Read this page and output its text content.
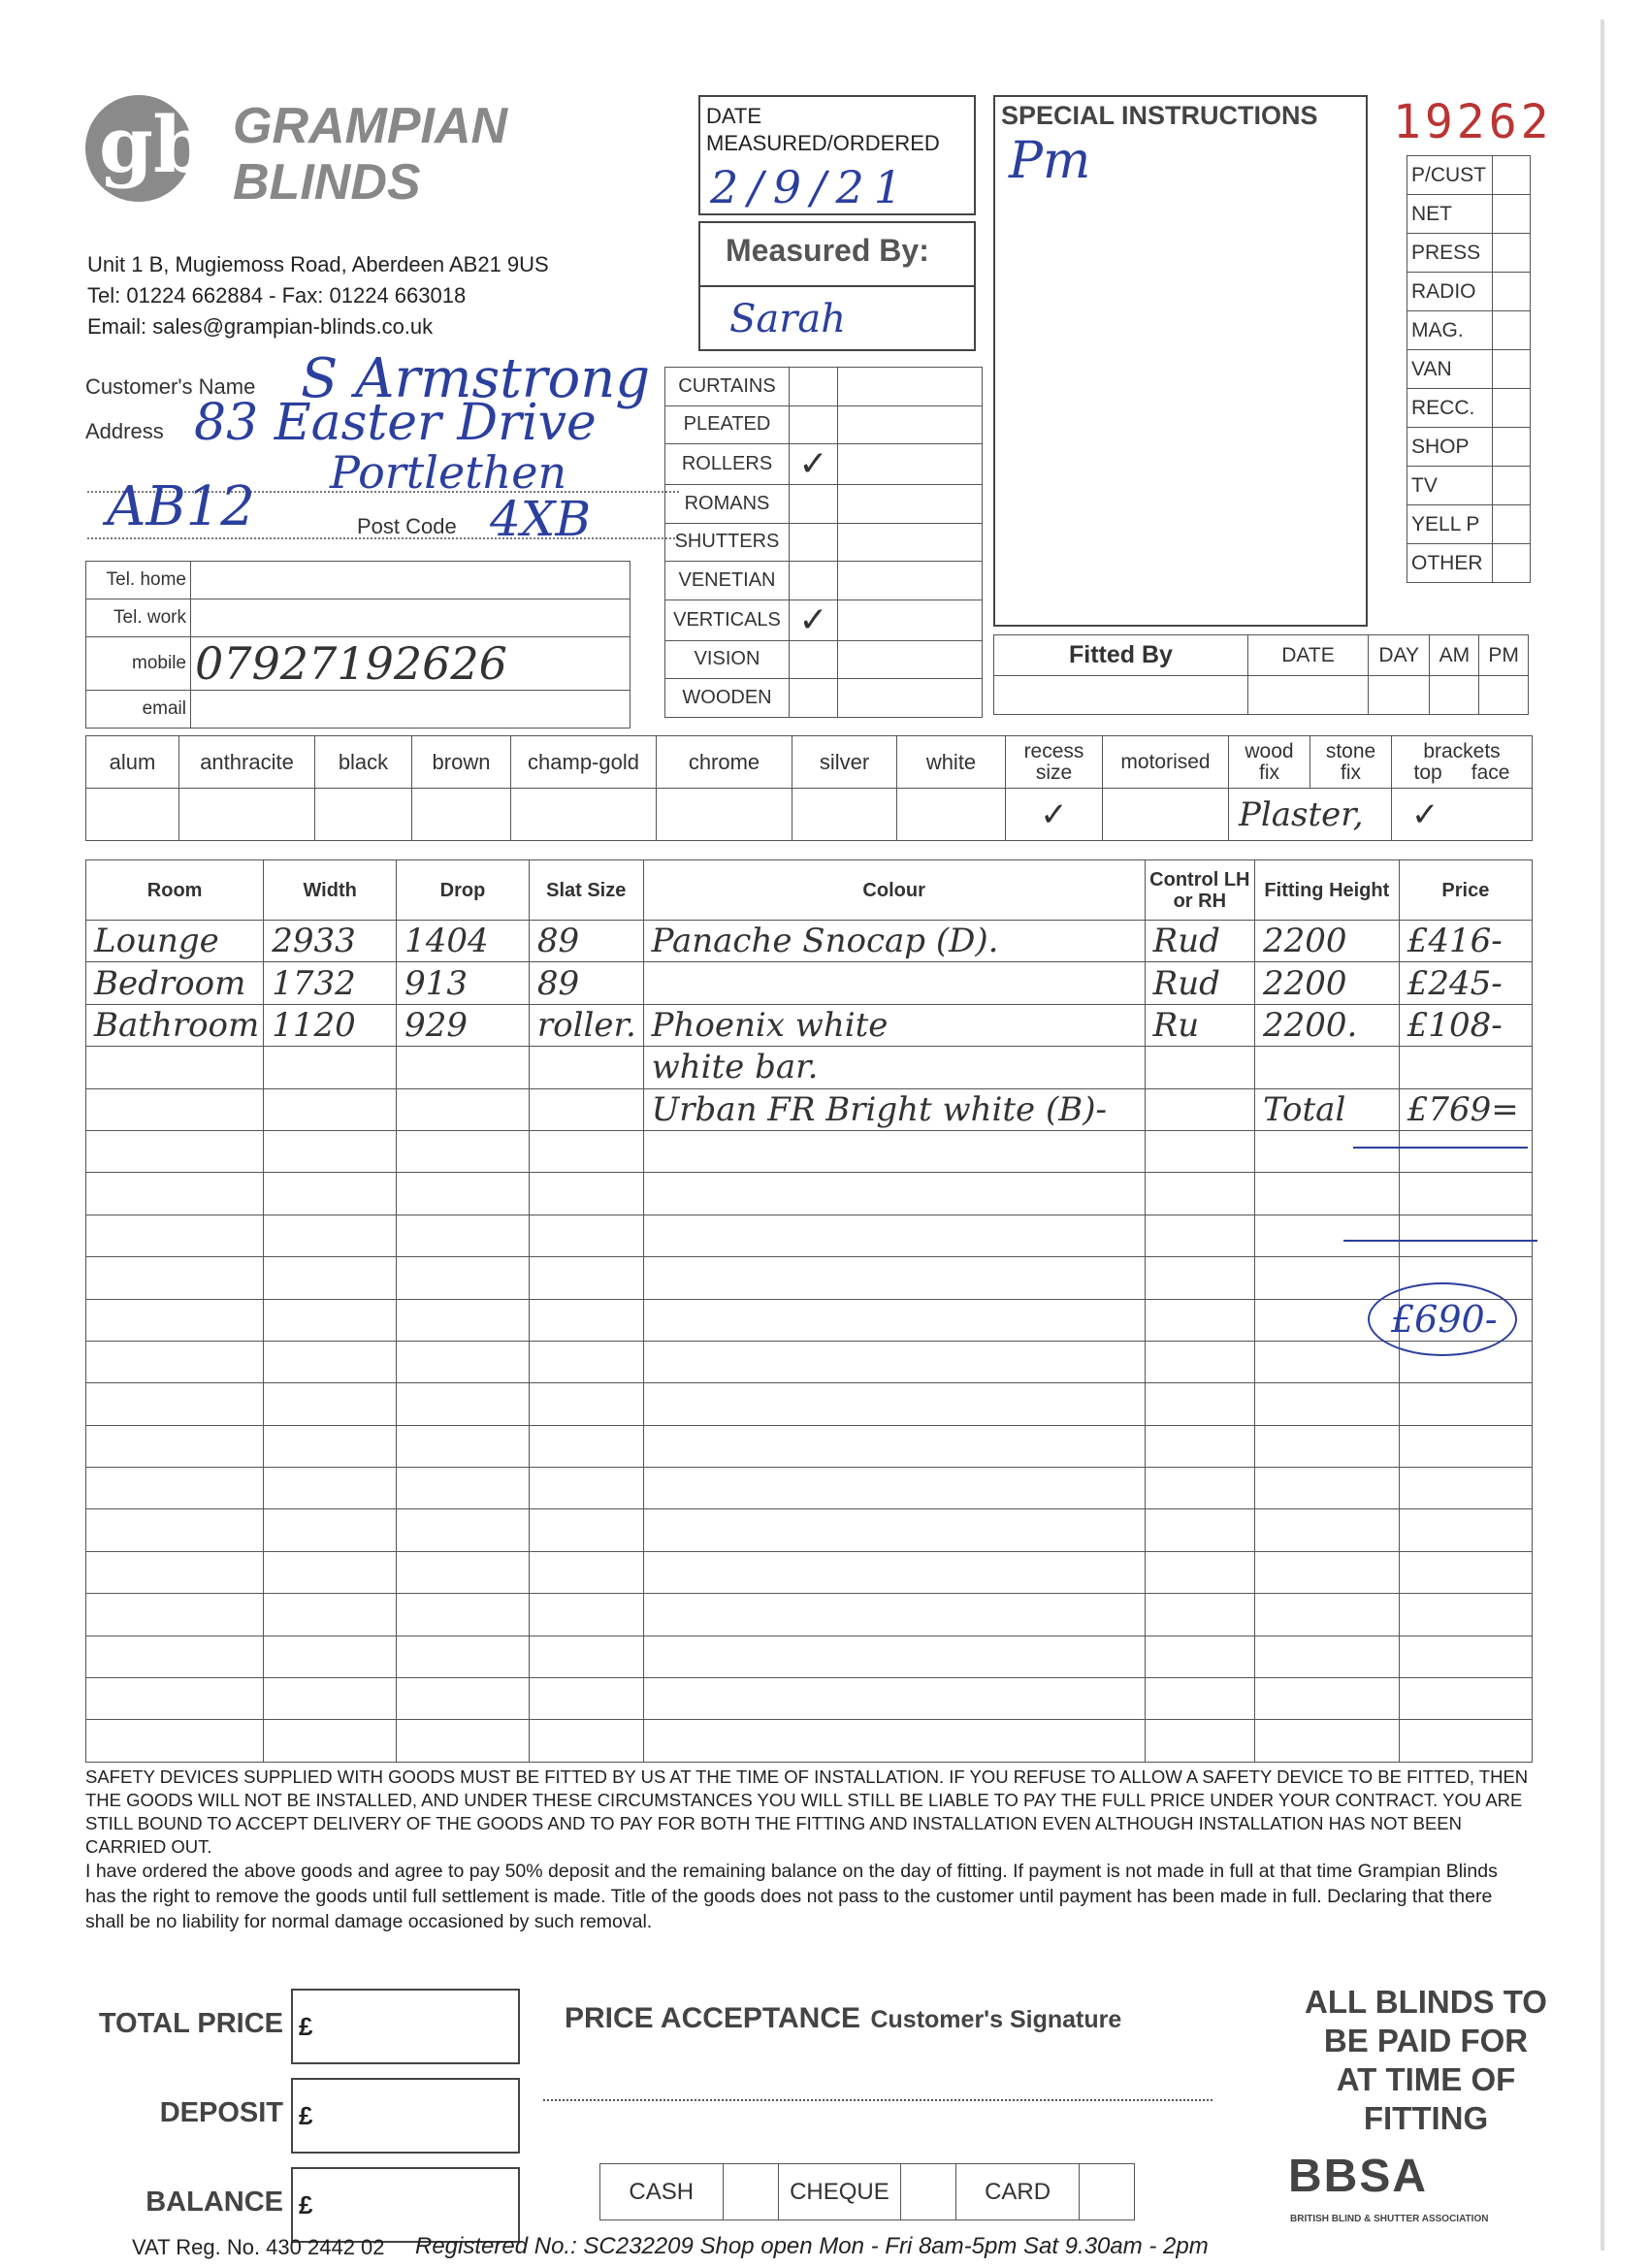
gb GRAMPIAN
BLINDS
Unit 1 B, Mugiemoss Road, Aberdeen AB21 9US
Tel: 01224 662884 - Fax: 01224 663018
Email: sales@grampian-blinds.co.uk
DATE MEASURED/ORDERED
2/9/21
Measured By:
Sarah
SPECIAL INSTRUCTIONS
Pm
19262
P/CUST	
NET	
PRESS	
RADIO	
MAG.	
VAN	
RECC.	
SHOP	
TV	
YELL P	
OTHER	
Customer's Name S Armstrong
Address 83 Easter Drive
Portlethen
AB12	Post Code 4XB
Tel. home	
Tel. work	
mobile	07927192626
email	
CURTAINS		
PLEATED		
ROLLERS	✓	
ROMANS		
SHUTTERS		
VENETIAN		
VERTICALS	✓	
VISION		
WOODEN		
Fitted By	DATE	DAY	AM	PM

alum	anthracite	black	brown	champ-gold	chrome	silver	white	recess size	motorised	wood fix	stone fix	brackets
top face

								✓		Plaster,		✓
Room	Width	Drop	Slat Size	Colour	Control LH or RH	Fitting Height	Price
Lounge	2933	1404	89	Panache Snocap (D).	Rud	2200	£416-
Bedroom	1732	913	89		Rud	2200	£245-
Bathroom	1120	929	roller.	Phoenix white	Ru	2200.	£108-
				white bar.			
				Urban FR Bright white (B)-		Total	£769=

£690-
SAFETY DEVICES SUPPLIED WITH GOODS MUST BE FITTED BY US AT THE TIME OF INSTALLATION. IF YOU REFUSE TO ALLOW A SAFETY DEVICE TO BE FITTED, THEN THE GOODS WILL NOT BE INSTALLED, AND UNDER THESE CIRCUMSTANCES YOU WILL STILL BE LIABLE TO PAY THE FULL PRICE UNDER YOUR CONTRACT. YOU ARE STILL BOUND TO ACCEPT DELIVERY OF THE GOODS AND TO PAY FOR BOTH THE FITTING AND INSTALLATION EVEN ALTHOUGH INSTALLATION HAS NOT BEEN CARRIED OUT.
I have ordered the above goods and agree to pay 50% deposit and the remaining balance on the day of fitting. If payment is not made in full at that time Grampian Blinds has the right to remove the goods until full settlement is made. Title of the goods does not pass to the customer until payment has been made in full. Declaring that there shall be no liability for normal damage occasioned by such removal.
TOTAL PRICE £
DEPOSIT £
BALANCE £
PRICE ACCEPTANCE Customer's Signature
CASH		CHEQUE		CARD	
ALL BLINDS TO
BE PAID FOR
AT TIME OF
FITTING
BBSA
BRITISH BLIND & SHUTTER ASSOCIATION
VAT Reg. No. 430 2442 02 Registered No.: SC232209 Shop open Mon - Fri 8am-5pm Sat 9.30am - 2pm
